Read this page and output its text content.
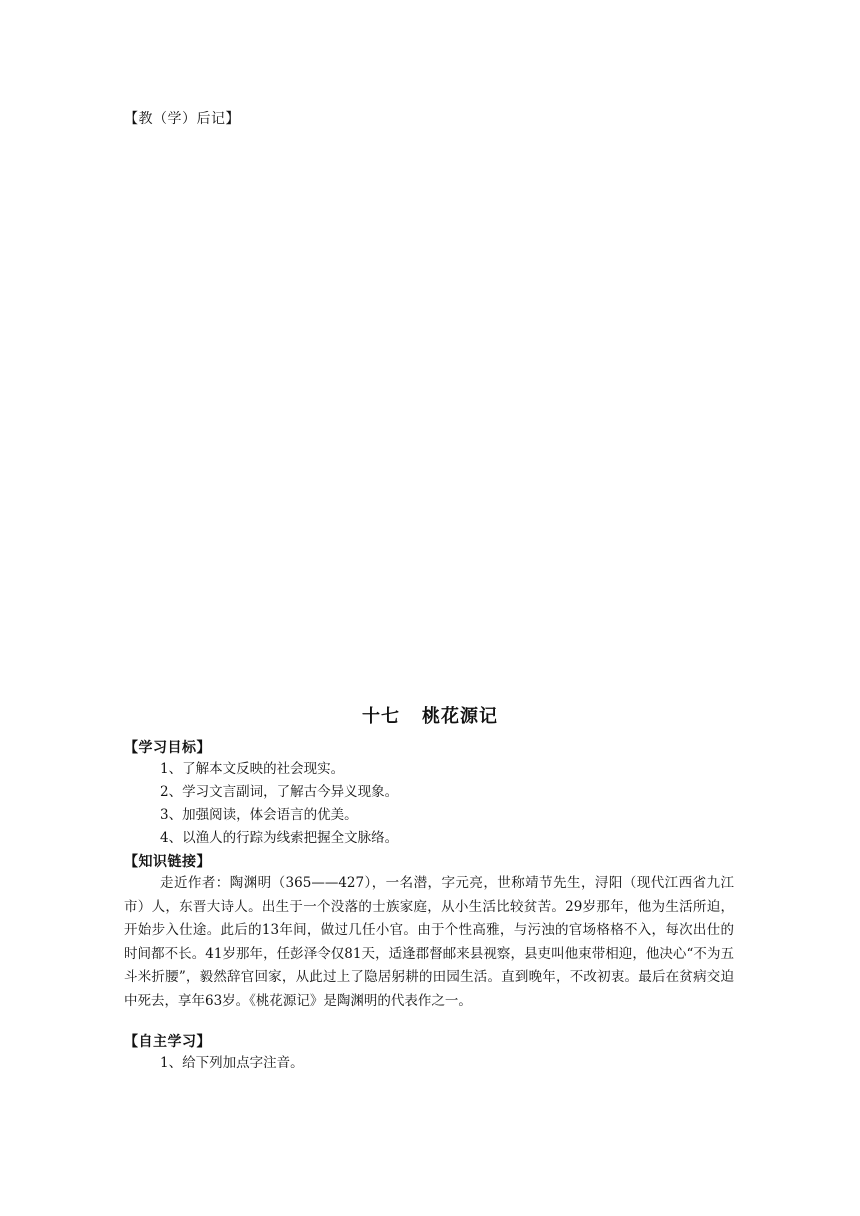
【教（学）后记】
十七 桃花源记
【学习目标】
1、了解本文反映的社会现实。
2、学习文言副词，了解古今异义现象。
3、加强阅读，体会语言的优美。
4、以渔人的行踪为线索把握全文脉络。
【知识链接】
走近作者：陶渊明（365——427），一名潜，字元亮，世称靖节先生，浔阳（现代江西省九江市）人，东晋大诗人。出生于一个没落的士族家庭，从小生活比较贫苦。29岁那年，他为生活所迫，开始步入仕途。此后的13年间，做过几任小官。由于个性高雅，与污浊的官场格格不入，每次出仕的时间都不长。41岁那年，任彭泽令仅81天，适逢郡督邮来县视察，县吏叫他束带相迎，他决心“不为五斗米折腰”，毅然辞官回家，从此过上了隐居躬耕的田园生活。直到晚年，不改初衷。最后在贫病交迫中死去，享年63岁。《桃花源记》是陶渊明的代表作之一。
【自主学习】
1、给下列加点字注音。
